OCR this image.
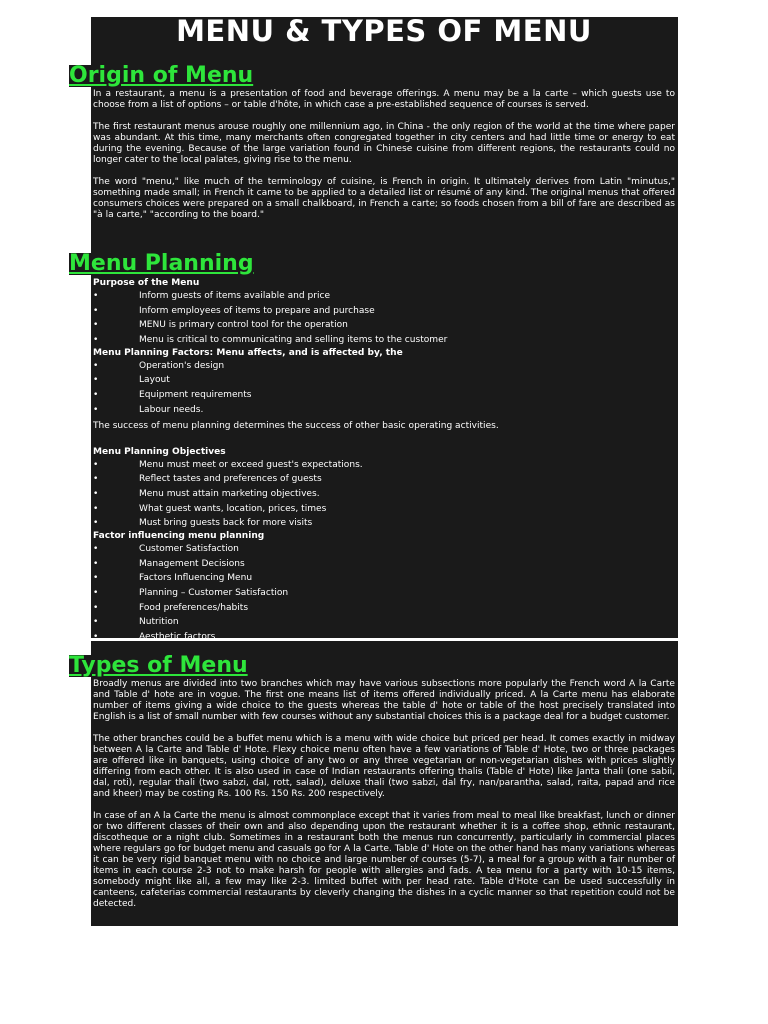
MENU & TYPES OF MENU
Origin of Menu

In a restaurant, a menu is a presentation of food and beverage offerings. A menu may be a la carte – which guests use to choose from a list of options – or table d'hôte, in which case a pre-established sequence of courses is served.

The first restaurant menus arouse roughly one millennium ago, in China - the only region of the world at the time where paper was abundant. At this time, many merchants often congregated together in city centers and had little time or energy to eat during the evening. Because of the large variation found in Chinese cuisine from different regions, the restaurants could no longer cater to the local palates, giving rise to the menu.

The word "menu," like much of the terminology of cuisine, is French in origin. It ultimately derives from Latin "minutus," something made small; in French it came to be applied to a detailed list or résumé of any kind. The original menus that offered consumers choices were prepared on a small chalkboard, in French a carte; so foods chosen from a bill of fare are described as "à la carte," "according to the board."

Menu Planning
Purpose of the Menu
• Inform guests of items available and price
• Inform employees of items to prepare and purchase
• MENU is primary control tool for the operation
• Menu is critical to communicating and selling items to the customer
Menu Planning Factors: Menu affects, and is affected by, the
• Operation's design
• Layout
• Equipment requirements
• Labour needs.
The success of menu planning determines the success of other basic operating activities.
Menu Planning Objectives
• Menu must meet or exceed guest's expectations.
• Reflect tastes and preferences of guests
• Menu must attain marketing objectives.
• What guest wants, location, prices, times
• Must bring guests back for more visits
Factor influencing menu planning
• Customer Satisfaction
• Management Decisions
• Factors Influencing Menu
• Planning – Customer Satisfaction
• Food preferences/habits
• Nutrition
• Aesthetic factors
Types of Menu

Broadly menus are divided into two branches which may have various subsections more popularly the French word A la Carte and Table d' hote are in vogue. The first one means list of items offered individually priced. A la Carte menu has elaborate number of items giving a wide choice to the guests whereas the table d' hote or table of the host precisely translated into English is a list of small number with few courses without any substantial choices this is a package deal for a budget customer.

The other branches could be a buffet menu which is a menu with wide choice but priced per head. It comes exactly in midway between A la Carte and Table d' Hote. Flexy choice menu often have a few variations of Table d' Hote, two or three packages are offered like in banquets, using choice of any two or any three vegetarian or non-vegetarian dishes with prices slightly differing from each other. It is also used in case of Indian restaurants offering thalis (Table d' Hote) like Janta thali (one sabii, dal, roti), regular thali (two sabzi, dal, rott, salad), deluxe thali (two sabzi, dal fry, nan/parantha, salad, raita, papad and rice and kheer) may be costing Rs. 100 Rs. 150 Rs. 200 respectively.

In case of an A la Carte the menu is almost commonplace except that it varies from meal to meal like breakfast, lunch or dinner or two different classes of their own and also depending upon the restaurant whether it is a coffee shop, ethnic restaurant, discotheque or a night club. Sometimes in a restaurant both the menus run concurrently, particularly in commercial places where regulars go for budget menu and casuals go for A la Carte. Table d' Hote on the other hand has many variations whereas it can be very rigid banquet menu with no choice and large number of courses (5-7), a meal for a group with a fair number of items in each course 2-3 not to make harsh for people with allergies and fads. A tea menu for a party with 10-15 items, somebody might like all, a few may like 2-3. limited buffet with per head rate. Table d'Hote can be used successfully in canteens, cafeterias commercial restaurants by cleverly changing the dishes in a cyclic manner so that repetition could not be detected.
